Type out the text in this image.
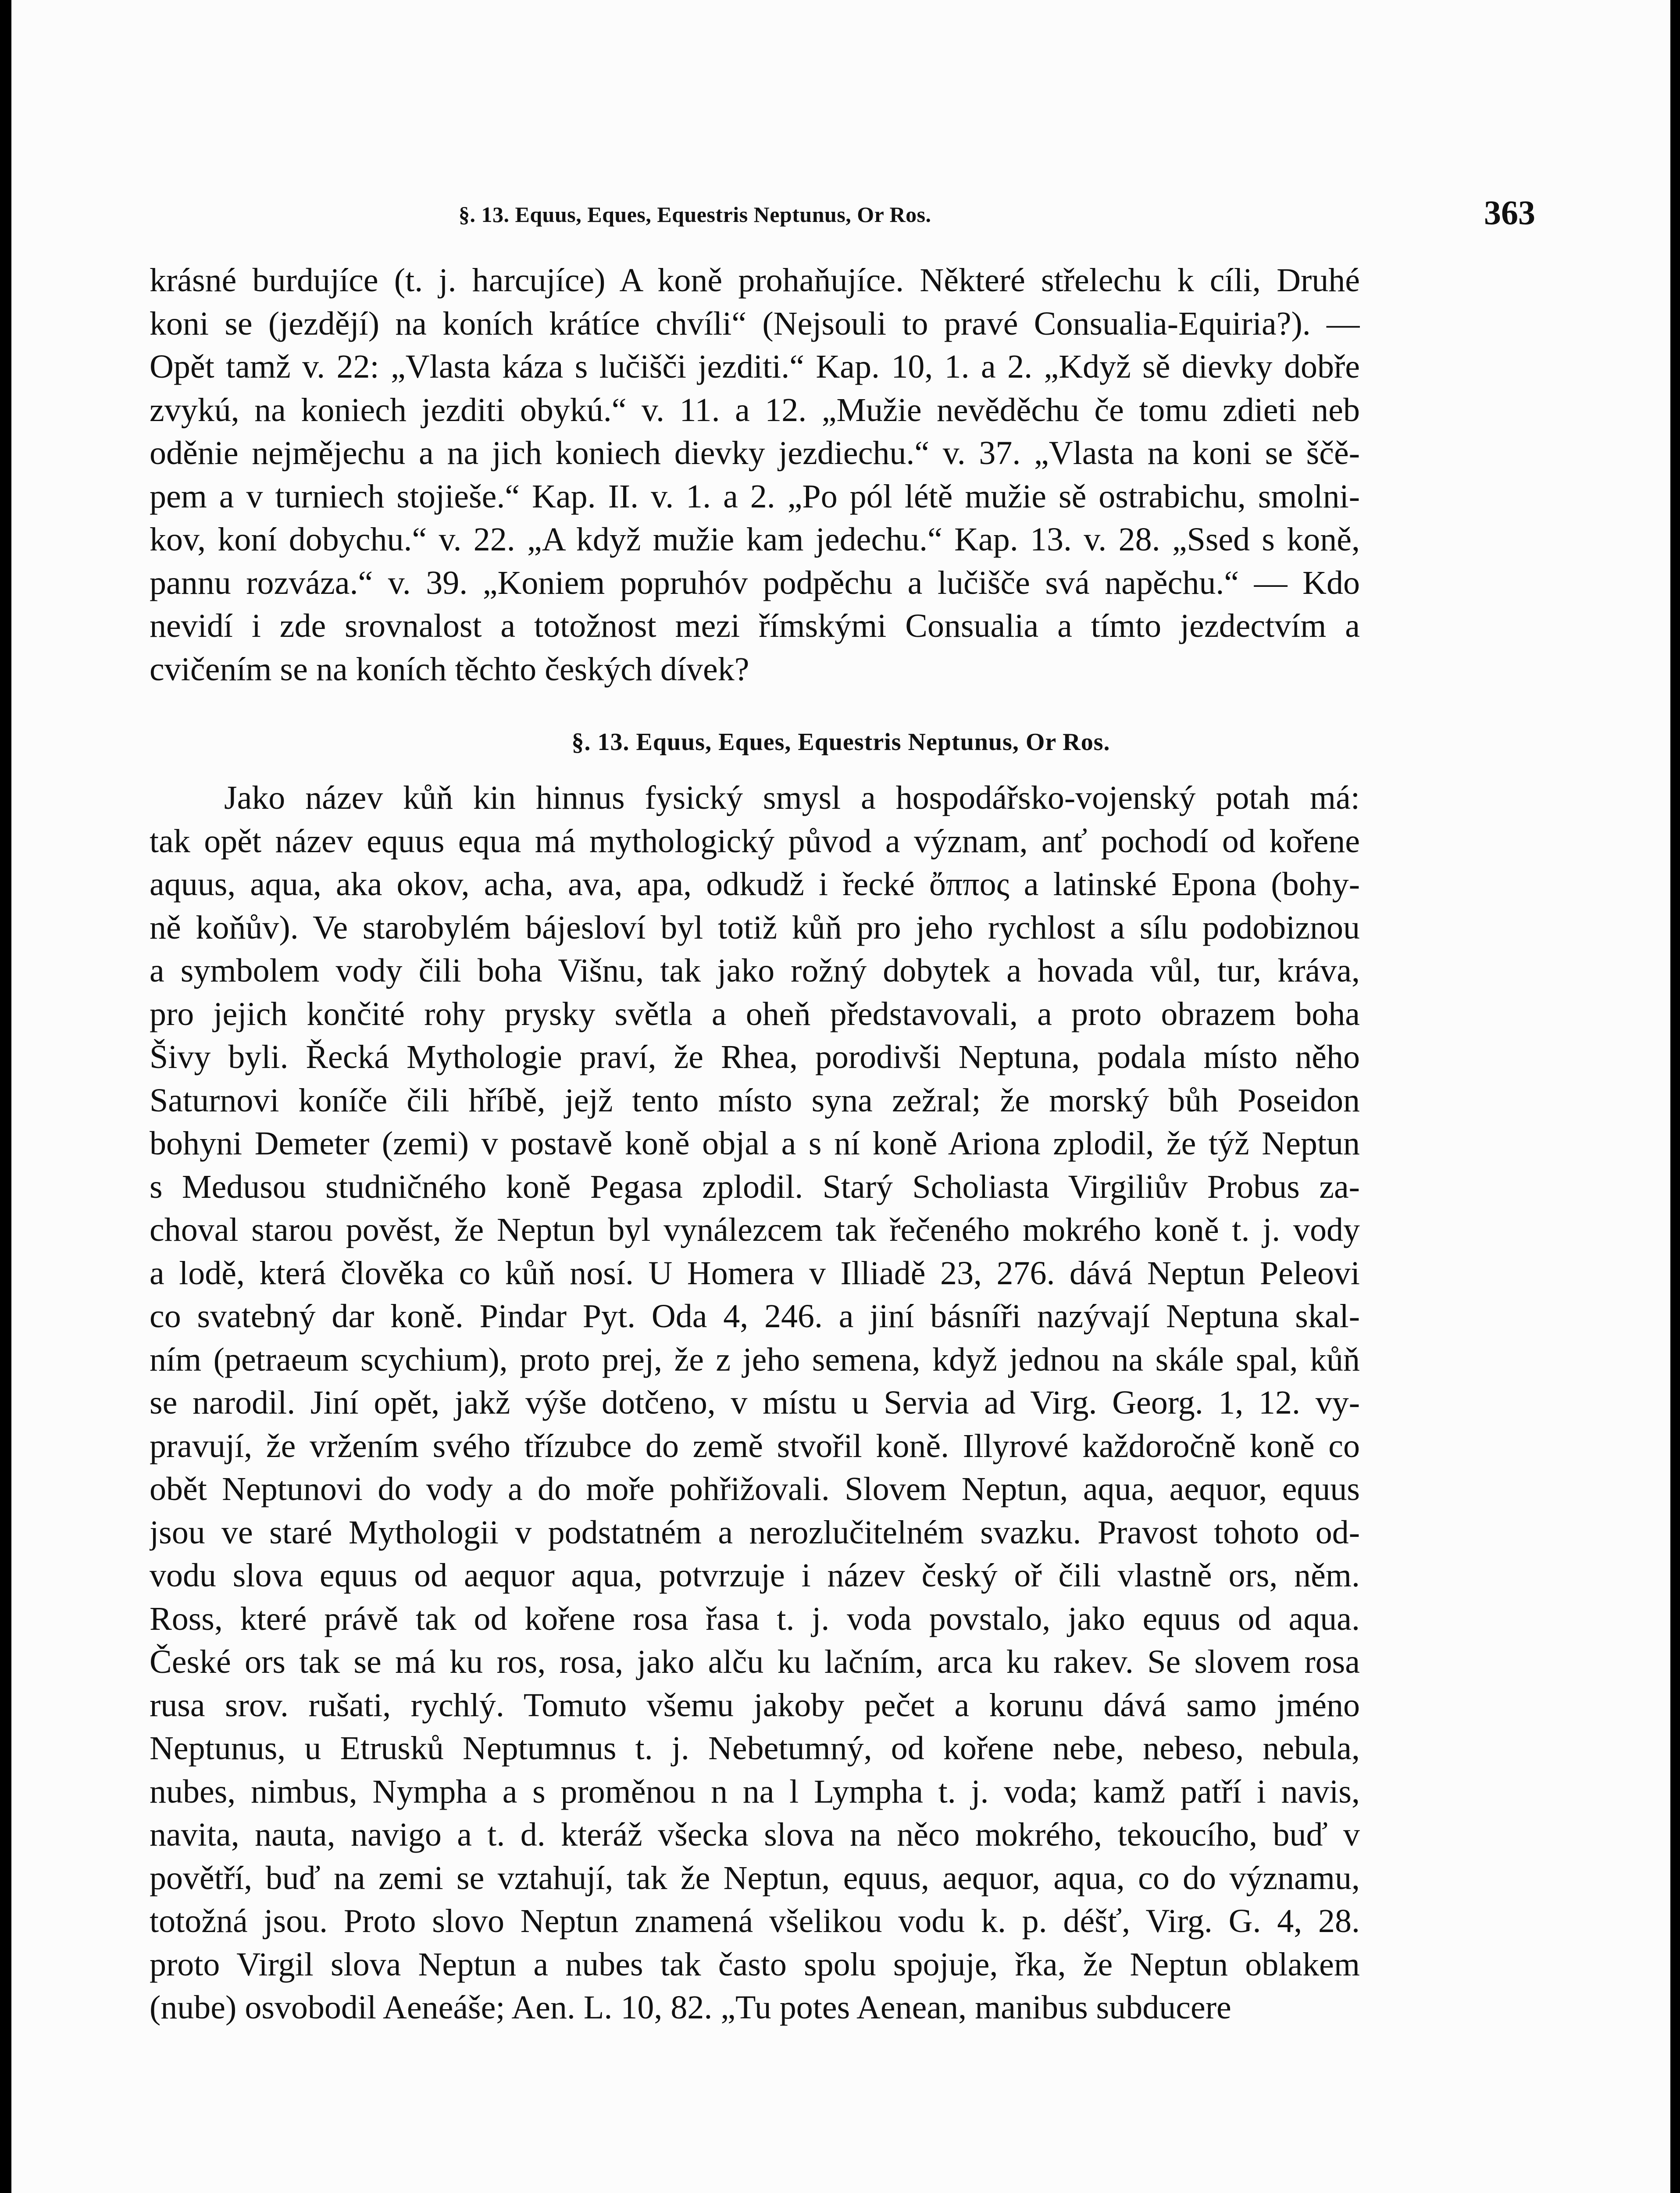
§. 13. Equus, Eques, Equestris Neptunus, Or Ros.	363
krásné burdujíce (t. j. harcujíce) A koně prohaňujíce. Některé střelechu k cíli, Druhé
koni se (jezdějí) na koních krátíce chvíli“ (Nejsouli to pravé Consualia-Equiria?). —
Opět tamž v. 22: „Vlasta káza s lučišči jezditi.“ Kap. 10, 1. a 2. „Když sě dievky dobře
zvykú, na koniech jezditi obykú.“ v. 11. a 12. „Mužie nevěděchu če tomu zdieti neb
oděnie nejmějechu a na jich koniech dievky jezdiechu.“ v. 37. „Vlasta na koni se ščě-
pem a v turniech stojieše.“ Kap. II. v. 1. a 2. „Po pól létě mužie sě ostrabichu, smolni-
kov, koní dobychu.“ v. 22. „A když mužie kam jedechu.“ Kap. 13. v. 28. „Ssed s koně,
pannu rozváza.“ v. 39. „Koniem popruhóv podpěchu a lučišče svá napěchu.“ — Kdo
nevidí i zde srovnalost a totožnost mezi římskými Consualia a tímto jezdectvím a
cvičením se na koních těchto českých dívek?
§. 13. Equus, Eques, Equestris Neptunus, Or Ros.
Jako název kůň kin hinnus fysický smysl a hospodářsko-vojenský potah má:
tak opět název equus equa má mythologický původ a význam, anť pochodí od kořene
aquus, aqua, aka okov, acha, ava, apa, odkudž i řecké ὄππος a latinské Epona (bohy-
ně koňův). Ve starobylém bájesloví byl totiž kůň pro jeho rychlost a sílu podobiznou
a symbolem vody čili boha Višnu, tak jako rožný dobytek a hovada vůl, tur, kráva,
pro jejich končité rohy prysky světla a oheň představovali, a proto obrazem boha
Šivy byli. Řecká Mythologie praví, že Rhea, porodivši Neptuna, podala místo něho
Saturnovi koníče čili hříbě, jejž tento místo syna zežral; že morský bůh Poseidon
bohyni Demeter (zemi) v postavě koně objal a s ní koně Ariona zplodil, že týž Neptun
s Medusou studničného koně Pegasa zplodil. Starý Scholiasta Virgiliův Probus za-
choval starou pověst, že Neptun byl vynálezcem tak řečeného mokrého koně t. j. vody
a lodě, která člověka co kůň nosí. U Homera v Illiadě 23, 276. dává Neptun Peleovi
co svatebný dar koně. Pindar Pyt. Oda 4, 246. a jiní básníři nazývají Neptuna skal-
ním (petraeum scychium), proto prej, že z jeho semena, když jednou na skále spal, kůň
se narodil. Jiní opět, jakž výše dotčeno, v místu u Servia ad Virg. Georg. 1, 12. vy-
pravují, že vržením svého třízubce do země stvořil koně. Illyrové každoročně koně co
obět Neptunovi do vody a do moře pohřižovali. Slovem Neptun, aqua, aequor, equus
jsou ve staré Mythologii v podstatném a nerozlučitelném svazku. Pravost tohoto od-
vodu slova equus od aequor aqua, potvrzuje i název český oř čili vlastně ors, něm.
Ross, které právě tak od kořene rosa řasa t. j. voda povstalo, jako equus od aqua.
České ors tak se má ku ros, rosa, jako alču ku lačním, arca ku rakev. Se slovem rosa
rusa srov. rušati, rychlý. Tomuto všemu jakoby pečet a korunu dává samo jméno
Neptunus, u Etrusků Neptumnus t. j. Nebetumný, od kořene nebe, nebeso, nebula,
nubes, nimbus, Nympha a s proměnou n na l Lympha t. j. voda; kamž patří i navis,
navita, nauta, navigo a t. d. kteráž všecka slova na něco mokrého, tekoucího, buď v
povětří, buď na zemi se vztahují, tak že Neptun, equus, aequor, aqua, co do významu,
totožná jsou. Proto slovo Neptun znamená všelikou vodu k. p. déšť, Virg. G. 4, 28.
proto Virgil slova Neptun a nubes tak často spolu spojuje, řka, že Neptun oblakem
(nube) osvobodil Aeneáše; Aen. L. 10, 82. „Tu potes Aenean, manibus subducere
